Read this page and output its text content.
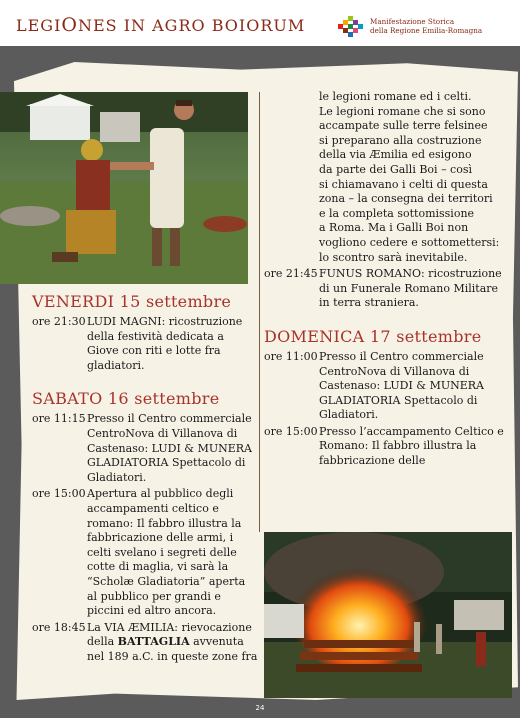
LEGIONES IN AGRO BOIORUM	Manifestazione Storica
della Regione Emilia-Romagna
VENERDI 15 settembre
ore 21:30 LUDI MAGNI: ricostruzione della festività dedicata a Giove con riti e lotte fra gladiatori.
SABATO 16 settembre
ore 11:15 Presso il Centro commerciale CentroNova di Villanova di Castenaso: LUDI & MUNERA GLADIATORIA Spettacolo di Gladiatori.
ore 15:00 Apertura al pubblico degli accampamenti celtico e romano: Il fabbro illustra la fabbricazione delle armi, i celti svelano i segreti delle cotte di maglia, vi sarà la “Scholæ Gladiatoria” aperta al pubblico per grandi e piccini ed altro ancora.
ore 18:45 La VIA ÆMILIA: rievocazione della BATTAGLIA avvenuta nel 189 a.C. in queste zone fra
le legioni romane ed i celti.
Le legioni romane che si sono
accampate sulle terre felsinee
si preparano alla costruzione
della via Æmilia ed esigono
da parte dei Galli Boi – così
si chiamavano i celti di questa
zona – la consegna dei territori
e la completa sottomissione
a Roma. Ma i Galli Boi non
vogliono cedere e sottomettersi:
lo scontro sarà inevitabile.
ore 21:45 FUNUS ROMANO: ricostruzione di un Funerale Romano Militare in terra straniera.
DOMENICA 17 settembre
ore 11:00 Presso il Centro commerciale CentroNova di Villanova di Castenaso: LUDI & MUNERA GLADIATORIA Spettacolo di Gladiatori.
ore 15:00 Presso l’accampamento Celtico e Romano: Il fabbro illustra la fabbricazione delle
24
